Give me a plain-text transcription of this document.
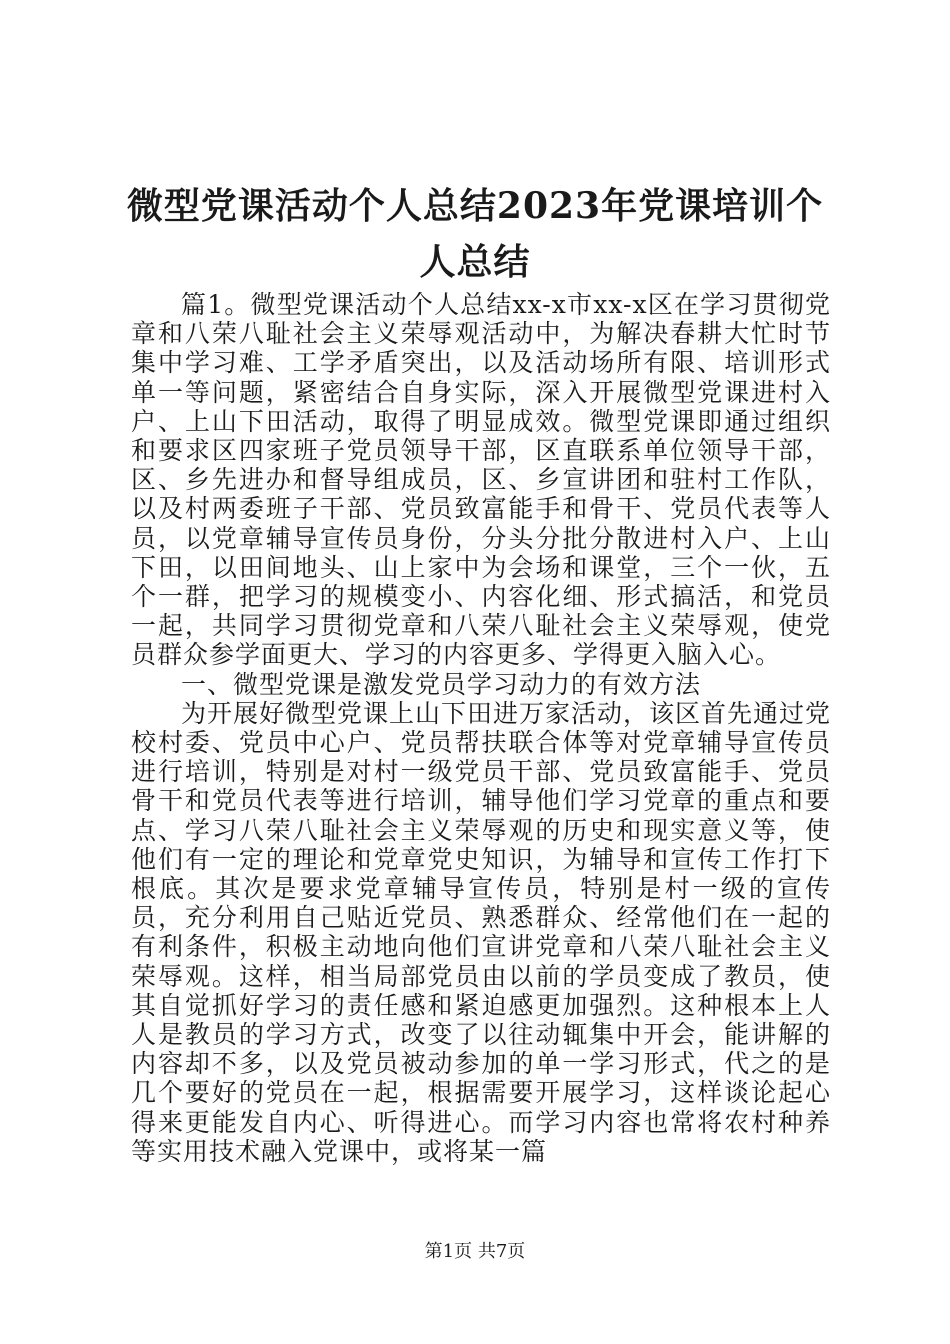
微型党课活动个人总结2023年党课培训个人总结

篇1。微型党课活动个人总结xx-x市xx-x区在学习贯彻党章和八荣八耻社会主义荣辱观活动中，为解决春耕大忙时节集中学习难、工学矛盾突出，以及活动场所有限、培训形式单一等问题，紧密结合自身实际，深入开展微型党课进村入户、上山下田活动，取得了明显成效。微型党课即通过组织和要求区四家班子党员领导干部，区直联系单位领导干部，区、乡先进办和督导组成员，区、乡宣讲团和驻村工作队，以及村两委班子干部、党员致富能手和骨干、党员代表等人员，以党章辅导宣传员身份，分头分批分散进村入户、上山下田，以田间地头、山上家中为会场和课堂，三个一伙，五个一群，把学习的规模变小、内容化细、形式搞活，和党员一起，共同学习贯彻党章和八荣八耻社会主义荣辱观，使党员群众参学面更大、学习的内容更多、学得更入脑入心。

一、微型党课是激发党员学习动力的有效方法

为开展好微型党课上山下田进万家活动，该区首先通过党校村委、党员中心户、党员帮扶联合体等对党章辅导宣传员进行培训，特别是对村一级党员干部、党员致富能手、党员骨干和党员代表等进行培训，辅导他们学习党章的重点和要点、学习八荣八耻社会主义荣辱观的历史和现实意义等，使他们有一定的理论和党章党史知识，为辅导和宣传工作打下根底。其次是要求党章辅导宣传员，特别是村一级的宣传员，充分利用自己贴近党员、熟悉群众、经常他们在一起的有利条件，积极主动地向他们宣讲党章和八荣八耻社会主义荣辱观。这样，相当局部党员由以前的学员变成了教员，使其自觉抓好学习的责任感和紧迫感更加强烈。这种根本上人人是教员的学习方式，改变了以往动辄集中开会，能讲解的内容却不多，以及党员被动参加的单一学习形式，代之的是几个要好的党员在一起，根据需要开展学习，这样谈论起心得来更能发自内心、听得进心。而学习内容也常将农村种养等实用技术融入党课中，或将某一篇

第1页 共7页
